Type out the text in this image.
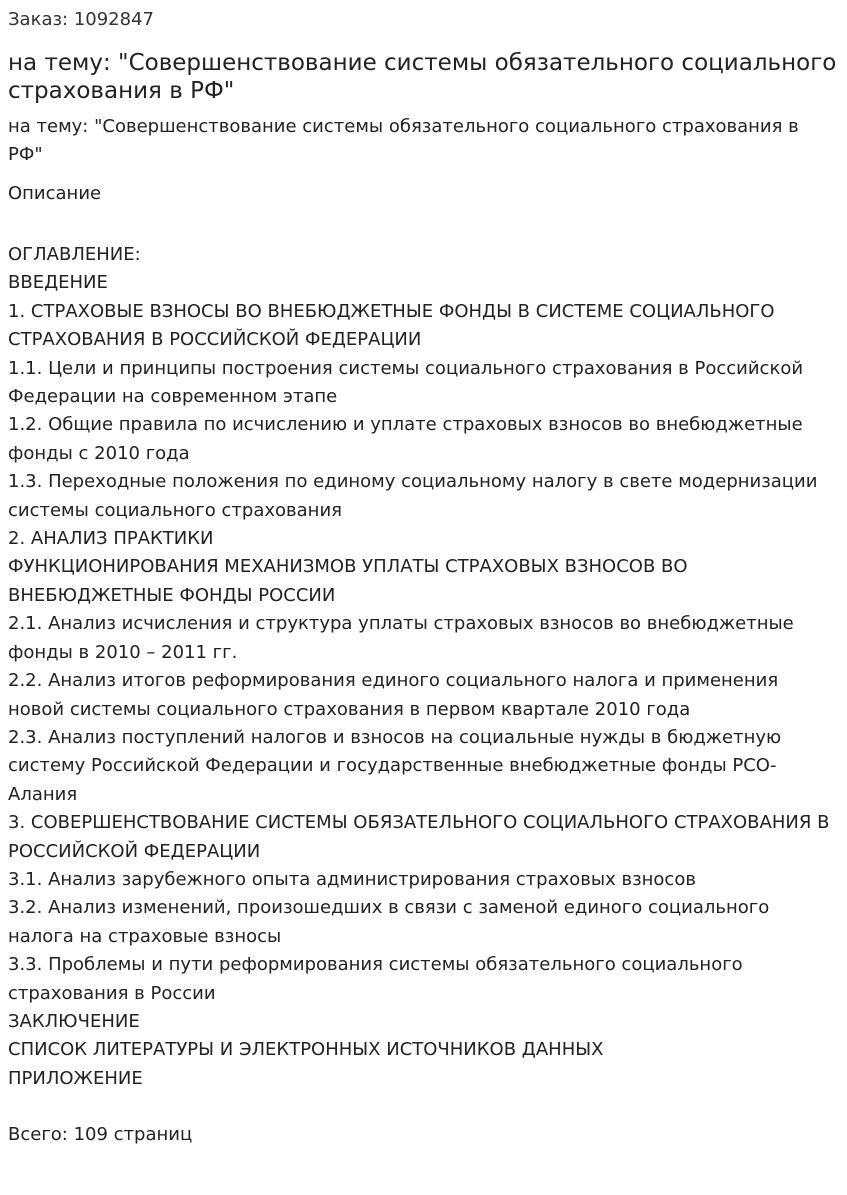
Заказ: 1092847

на тему: "Совершенствование системы обязательного социального страхования в РФ"

на тему: "Совершенствование системы обязательного социального страхования в РФ"

Описание

ОГЛАВЛЕНИЕ:
ВВЕДЕНИЕ
1. СТРАХОВЫЕ ВЗНОСЫ ВО ВНЕБЮДЖЕТНЫЕ ФОНДЫ В СИСТЕМЕ СОЦИАЛЬНОГО СТРАХОВАНИЯ В РОССИЙСКОЙ ФЕДЕРАЦИИ
1.1. Цели и принципы построения системы социального страхования в Российской Федерации на современном этапе
1.2. Общие правила по исчислению и уплате страховых взносов во внебюджетные фонды с 2010 года
1.3. Переходные положения по единому социальному налогу в свете модернизации системы социального страхования
2. АНАЛИЗ ПРАКТИКИ
ФУНКЦИОНИРОВАНИЯ МЕХАНИЗМОВ УПЛАТЫ СТРАХОВЫХ ВЗНОСОВ ВО ВНЕБЮДЖЕТНЫЕ ФОНДЫ РОССИИ
2.1. Анализ исчисления и структура уплаты страховых взносов во внебюджетные фонды в 2010 – 2011 гг.
2.2. Анализ итогов реформирования единого социального налога и применения новой системы социального страхования в первом квартале 2010 года
2.3. Анализ поступлений налогов и взносов на социальные нужды в бюджетную систему Российской Федерации и государственные внебюджетные фонды РСО-Алания
3. СОВЕРШЕНСТВОВАНИЕ СИСТЕМЫ ОБЯЗАТЕЛЬНОГО СОЦИАЛЬНОГО СТРАХОВАНИЯ В РОССИЙСКОЙ ФЕДЕРАЦИИ
3.1. Анализ зарубежного опыта администрирования страховых взносов
3.2. Анализ изменений, произошедших в связи с заменой единого социального налога на страховые взносы
3.3. Проблемы и пути реформирования системы обязательного социального страхования в России
ЗАКЛЮЧЕНИЕ
СПИСОК ЛИТЕРАТУРЫ И ЭЛЕКТРОННЫХ ИСТОЧНИКОВ ДАННЫХ
ПРИЛОЖЕНИЕ

Всего: 109 страниц
